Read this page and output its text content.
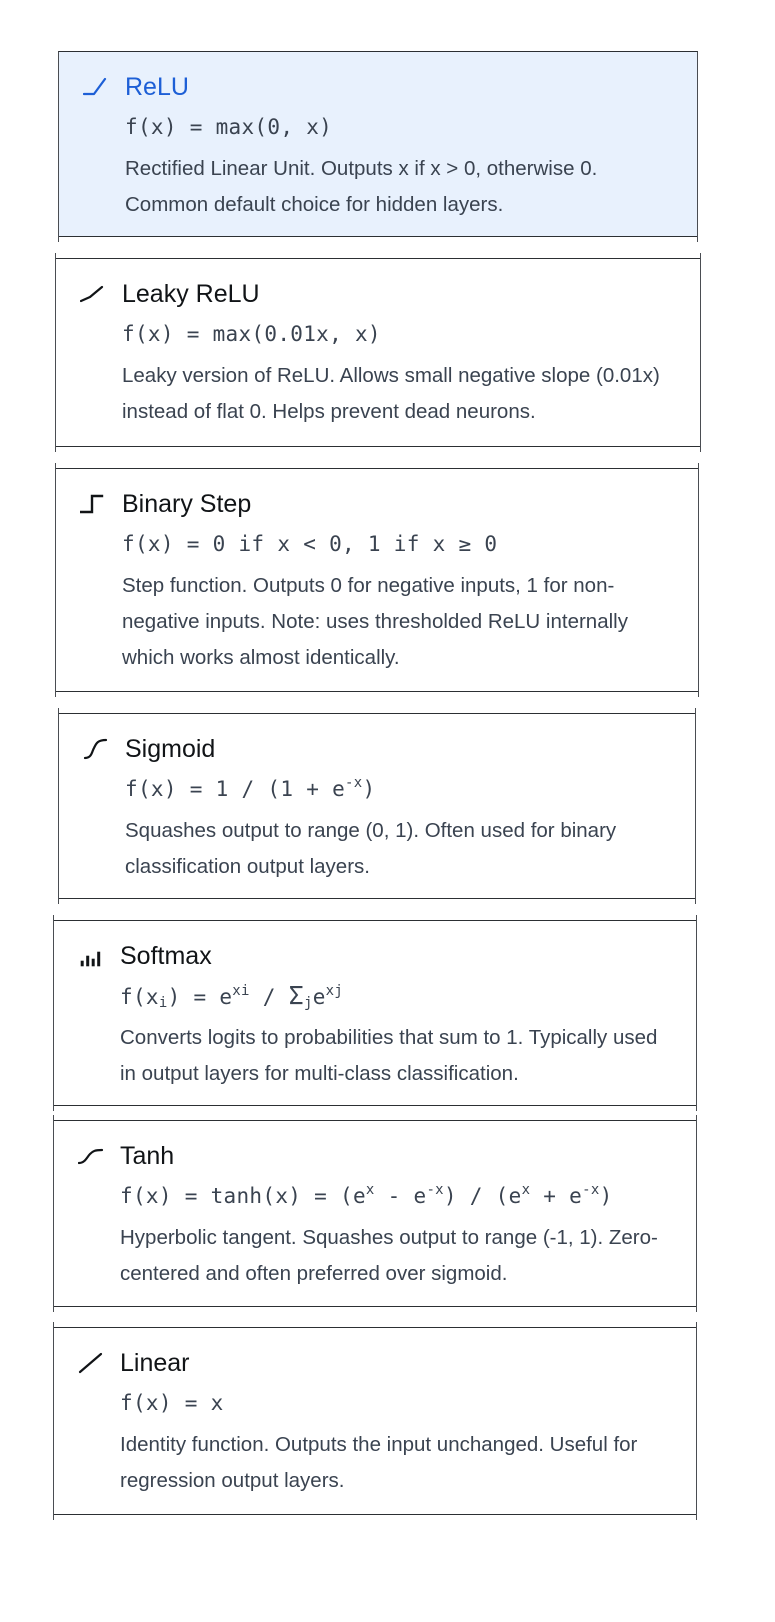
ReLU
f(x) = max(0, x)
Rectified Linear Unit. Outputs x if x > 0, otherwise 0. Common default choice for hidden layers.
Leaky ReLU
f(x) = max(0.01x, x)
Leaky version of ReLU. Allows small negative slope (0.01x) instead of flat 0. Helps prevent dead neurons.
Binary Step
f(x) = 0 if x < 0, 1 if x ≥ 0
Step function. Outputs 0 for negative inputs, 1 for non-negative inputs. Note: uses thresholded ReLU internally which works almost identically.
Sigmoid
$f(x) = 1 / (1 + e^{-x})$
Squashes output to range (0, 1). Often used for binary classification output layers.
Softmax
$f(x_i) = e^{xi} / \Sigma_je^{xj}$
Converts logits to probabilities that sum to 1. Typically used in output layers for multi-class classification.
Tanh
$f(x) = \tanh(x) = (e^x - e^{-x}) / (e^x + e^{-x})$
Hyperbolic tangent. Squashes output to range (-1, 1). Zero-centered and often preferred over sigmoid.
Linear
f(x) = x
Identity function. Outputs the input unchanged. Useful for regression output layers.
